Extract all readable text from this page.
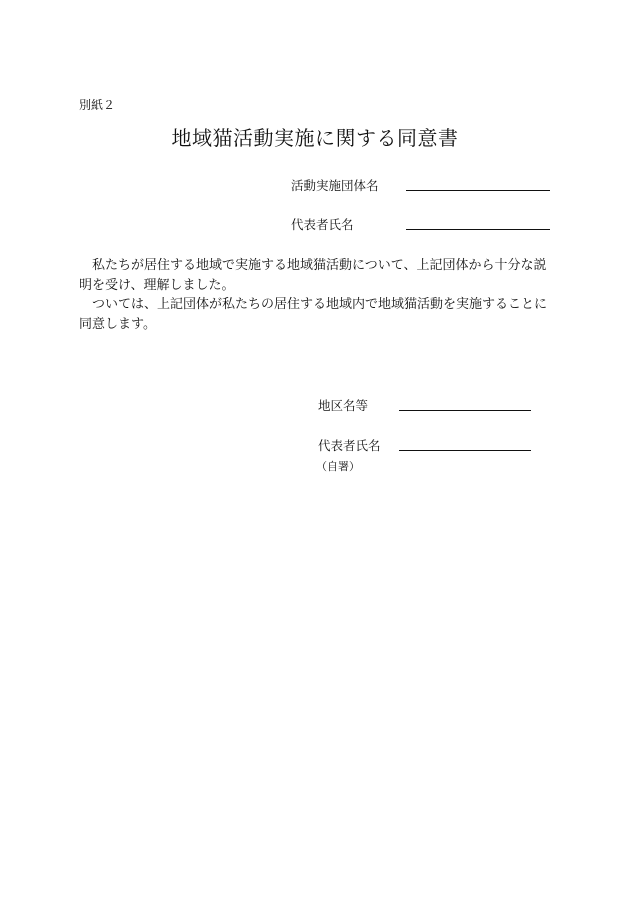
別紙２
地域猫活動実施に関する同意書
活動実施団体名
代表者氏名

私たちが居住する地域で実施する地域猫活動について、上記団体から十分な説明を受け、理解しました。

ついては、上記団体が私たちの居住する地域内で地域猫活動を実施することに同意します。

地区名等
代表者氏名
（自署）
